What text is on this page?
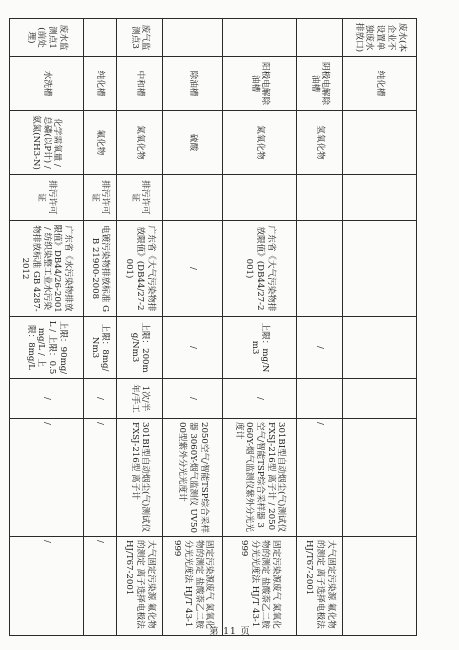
废水(本企业不设置单独废水排放口)	纯化槽							
	阴极电解除油槽	氢氧化物			/		/	大气固定污染源 氟化物的测定 离子选择电极法 HJ/T67-2001
	阳极电解除油槽	氮氧化物		广东省《大气污染物排放限值》(DB44/27-2001)	上限：mg/Nm3	/	301BI型自动烟尘(气)测试仪 FXSJ-216型 离子计 / 2050空气/智能TSP综合采样器 3060Y-烟气监测仪紫外分光光度计	固定污染源废气 氮氧化物的测定 盐酸萘乙二胺分光光度法 HJ/T 43-1999
	除油槽	硫酸		/	/	/	2050空气/智能TSP综合采样器 3060Y-烟气监测仪 UV5000型紫外分光光度计	固定污染源废气 氮氧化物的测定 盐酸萘乙二胺分光光度法 HJ/T 43-1999
废气监测点3	中和槽	氮氧化物	排污许可证	广东省《大气污染物排放限值》(DB44/27-2001)	上限：200mg/Nm3	1次/半年/手工	301BI型自动烟尘(气)测试仪 FXSJ-216型 离子计	大气固定污染源 氟化物的测定 离子选择电极法 HJ/T67-2001
	纯化槽	氟化物	排污许可证	电镀污染物排放标准 GB 21900-2008	上限：8mg/Nm3	/	/	/
废水监测点1(前处理)	水洗槽	化学需氧量 / 总磷(以P计) / 氨氮(NH3-N)	排污许可证	广东省《水污染物排放限值》DB44/26-2001 / 纺织染整工业水污染物排放标准 GB 4287-2012	上限：90mg/L / 上限：0.5mg/L / 上限：8mg/L	/	/	/
第 11 页
